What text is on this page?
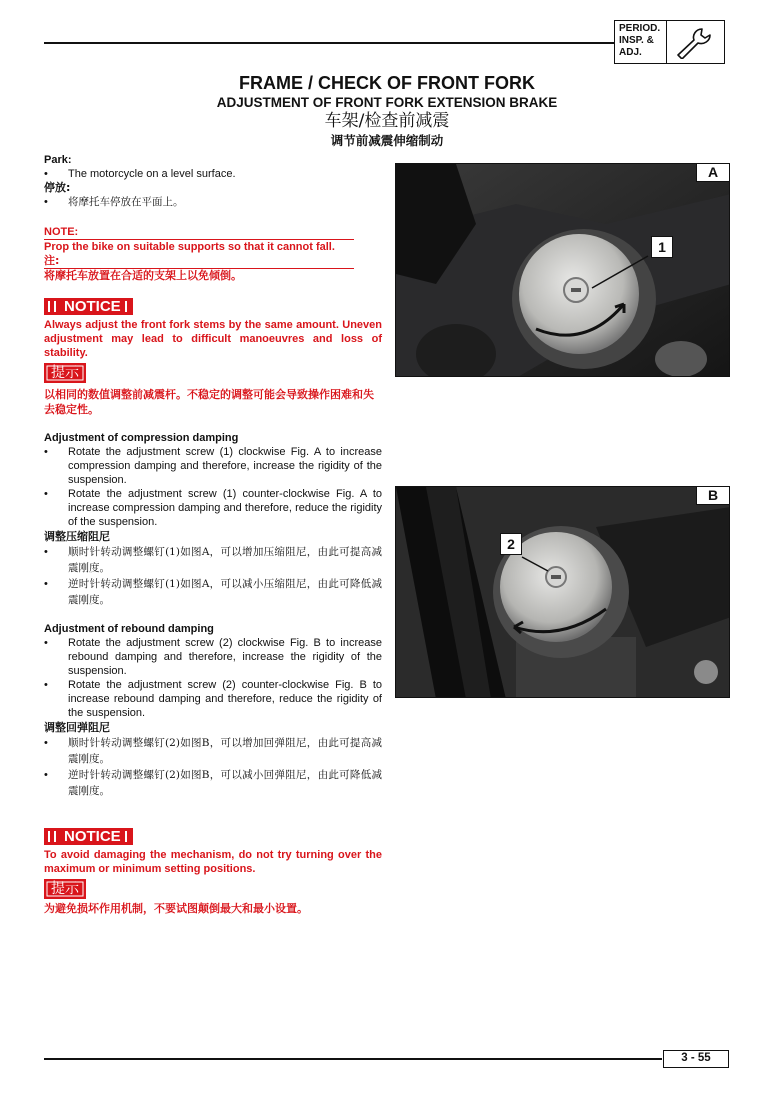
PERIOD.
INSP. &
ADJ.
FRAME / CHECK OF FRONT FORK
ADJUSTMENT OF FRONT FORK EXTENSION BRAKE
车架/检查前减震
调节前减震伸缩制动
Park:
•	The motorcycle on a level surface.
停放:
•	将摩托车停放在平面上。
NOTE:
Prop the bike on suitable supports so that it cannot fall.
注:
将摩托车放置在合适的支架上以免倾倒。
NOTICE
Always adjust the front fork stems by the same amount. Uneven adjustment may lead to difficult manoeuvres and loss of stability.
提示
以相同的数值调整前减震杆。不稳定的调整可能会导致操作困难和失去稳定性。
Adjustment of compression damping
•	Rotate the adjustment screw (1) clockwise Fig. A to increase compression damping and therefore, increase the rigidity of the suspension.
•	Rotate the adjustment screw (1) counter-clockwise Fig. A to increase compression damping and therefore, reduce the rigidity of the suspension.
调整压缩阻尼
•	顺时针转动调整螺钉(1)如图A，可以增加压缩阻尼，由此可提高减震刚度。
•	逆时针转动调整螺钉(1)如图A，可以减小压缩阻尼，由此可降低减震刚度。
Adjustment of rebound damping
•	Rotate the adjustment screw (2) clockwise Fig. B to increase rebound damping and therefore, increase the rigidity of the suspension.
•	Rotate the adjustment screw (2) counter-clockwise Fig. B to increase rebound damping and therefore, reduce the rigidity of the suspension.
调整回弹阻尼
•	顺时针转动调整螺钉(2)如图B，可以增加回弹阻尼，由此可提高减震刚度。
•	逆时针转动调整螺钉(2)如图B，可以减小回弹阻尼，由此可降低减震刚度。
NOTICE
To avoid damaging the mechanism, do not try turning over the maximum or minimum setting positions.
提示
为避免损坏作用机制，不要试图颠倒最大和最小设置。
A
1
B
2
3 - 55
